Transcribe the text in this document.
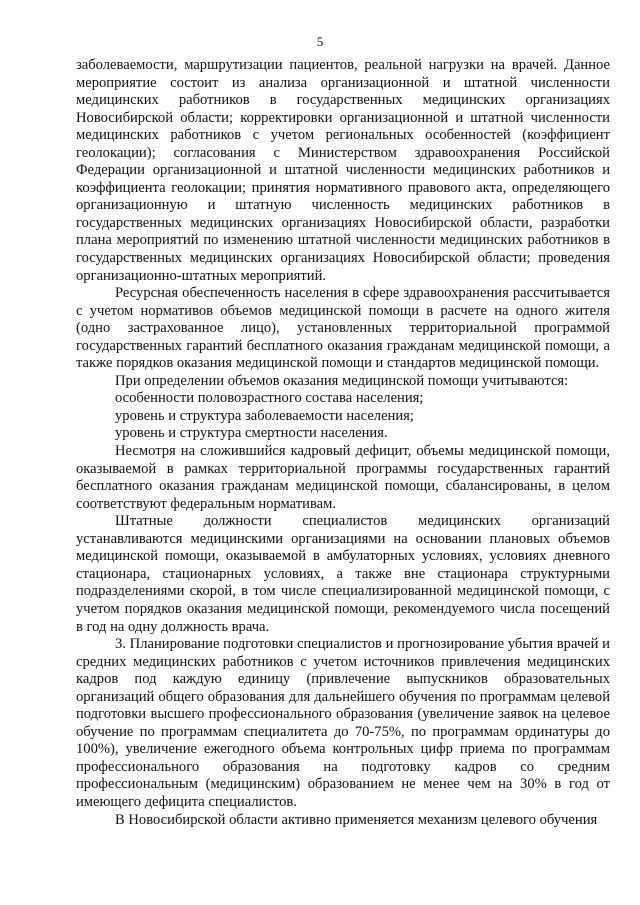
5

заболеваемости, маршрутизации пациентов, реальной нагрузки на врачей. Данное мероприятие состоит из анализа организационной и штатной численности медицинских работников в государственных медицинских организациях Новосибирской области; корректировки организационной и штатной численности медицинских работников с учетом региональных особенностей (коэффициент геолокации); согласования с Министерством здравоохранения Российской Федерации организационной и штатной численности медицинских работников и коэффициента геолокации; принятия нормативного правового акта, определяющего организационную и штатную численность медицинских работников в государственных медицинских организациях Новосибирской области, разработки плана мероприятий по изменению штатной численности медицинских работников в государственных медицинских организациях Новосибирской области; проведения организационно-штатных мероприятий.

Ресурсная обеспеченность населения в сфере здравоохранения рассчитывается с учетом нормативов объемов медицинской помощи в расчете на одного жителя (одно застрахованное лицо), установленных территориальной программой государственных гарантий бесплатного оказания гражданам медицинской помощи, а также порядков оказания медицинской помощи и стандартов медицинской помощи.

При определении объемов оказания медицинской помощи учитываются:

особенности половозрастного состава населения;

уровень и структура заболеваемости населения;

уровень и структура смертности населения.

Несмотря на сложившийся кадровый дефицит, объемы медицинской помощи, оказываемой в рамках территориальной программы государственных гарантий бесплатного оказания гражданам медицинской помощи, сбалансированы, в целом соответствуют федеральным нормативам.

Штатные должности специалистов медицинских организаций устанавливаются медицинскими организациями на основании плановых объемов медицинской помощи, оказываемой в амбулаторных условиях, условиях дневного стационара, стационарных условиях, а также вне стационара структурными подразделениями скорой, в том числе специализированной медицинской помощи, с учетом порядков оказания медицинской помощи, рекомендуемого числа посещений в год на одну должность врача.

3. Планирование подготовки специалистов и прогнозирование убытия врачей и средних медицинских работников с учетом источников привлечения медицинских кадров под каждую единицу (привлечение выпускников образовательных организаций общего образования для дальнейшего обучения по программам целевой подготовки высшего профессионального образования (увеличение заявок на целевое обучение по программам специалитета до 70-75%, по программам ординатуры до 100%), увеличение ежегодного объема контрольных цифр приема по программам профессионального образования на подготовку кадров со средним профессиональным (медицинским) образованием не менее чем на 30% в год от имеющего дефицита специалистов.

В Новосибирской области активно применяется механизм целевого обучения
